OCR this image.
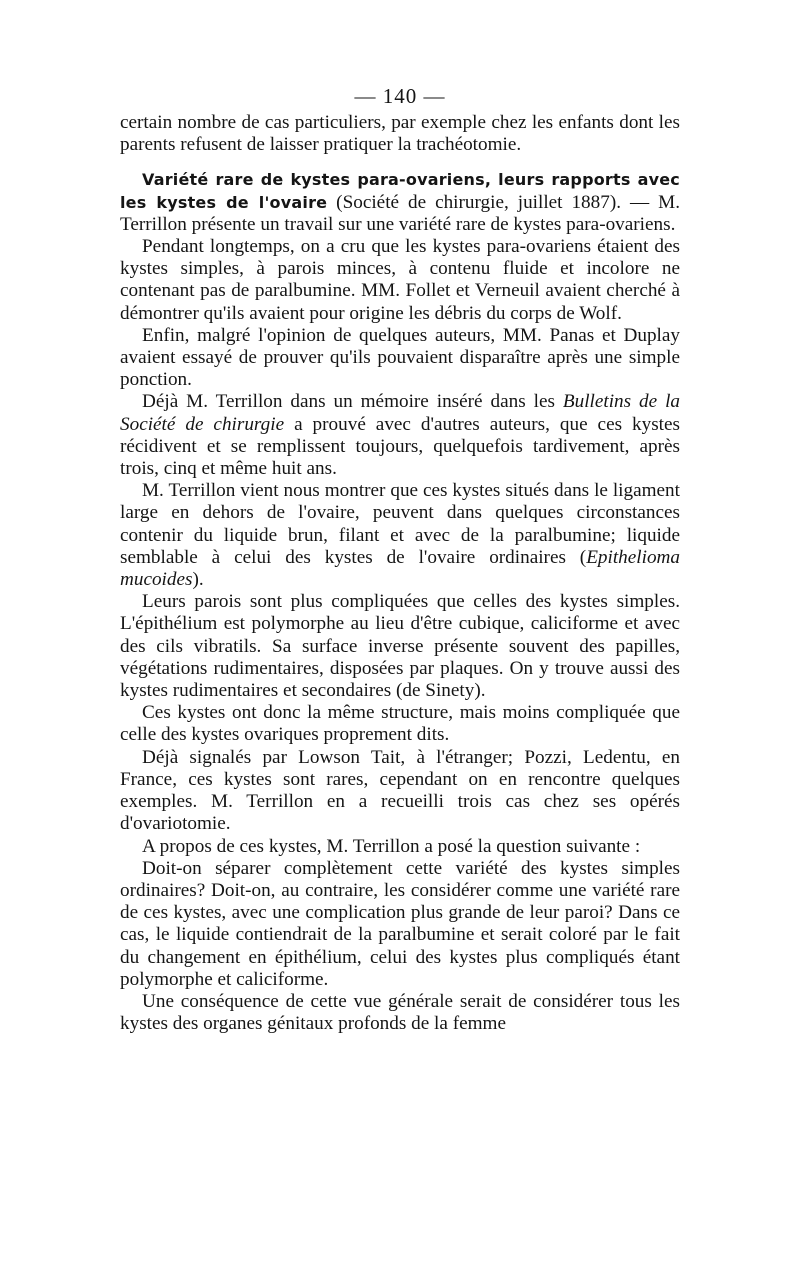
— 140 —

certain nombre de cas particuliers, par exemple chez les enfants dont les parents refusent de laisser pratiquer la trachéotomie.

Variété rare de kystes para-ovariens, leurs rapports avec les kystes de l'ovaire (Société de chirurgie, juillet 1887). — M. Terrillon présente un travail sur une variété rare de kystes para-ovariens.

Pendant longtemps, on a cru que les kystes para-ovariens étaient des kystes simples, à parois minces, à contenu fluide et incolore ne contenant pas de paralbumine. MM. Follet et Verneuil avaient cherché à démontrer qu'ils avaient pour origine les débris du corps de Wolf.

Enfin, malgré l'opinion de quelques auteurs, MM. Panas et Duplay avaient essayé de prouver qu'ils pouvaient disparaître après une simple ponction.

Déjà M. Terrillon dans un mémoire inséré dans les Bulletins de la Société de chirurgie a prouvé avec d'autres auteurs, que ces kystes récidivent et se remplissent toujours, quelquefois tardivement, après trois, cinq et même huit ans.

M. Terrillon vient nous montrer que ces kystes situés dans le ligament large en dehors de l'ovaire, peuvent dans quelques circonstances contenir du liquide brun, filant et avec de la paralbumine; liquide semblable à celui des kystes de l'ovaire ordinaires (Epithelioma mucoides).

Leurs parois sont plus compliquées que celles des kystes simples. L'épithélium est polymorphe au lieu d'être cubique, caliciforme et avec des cils vibratils. Sa surface inverse présente souvent des papilles, végétations rudimentaires, disposées par plaques. On y trouve aussi des kystes rudimentaires et secondaires (de Sinety).

Ces kystes ont donc la même structure, mais moins compliquée que celle des kystes ovariques proprement dits.

Déjà signalés par Lowson Tait, à l'étranger; Pozzi, Ledentu, en France, ces kystes sont rares, cependant on en rencontre quelques exemples. M. Terrillon en a recueilli trois cas chez ses opérés d'ovariotomie.

A propos de ces kystes, M. Terrillon a posé la question suivante :

Doit-on séparer complètement cette variété des kystes simples ordinaires? Doit-on, au contraire, les considérer comme une variété rare de ces kystes, avec une complication plus grande de leur paroi? Dans ce cas, le liquide contiendrait de la paralbumine et serait coloré par le fait du changement en épithélium, celui des kystes plus compliqués étant polymorphe et caliciforme.

Une conséquence de cette vue générale serait de considérer tous les kystes des organes génitaux profonds de la femme
